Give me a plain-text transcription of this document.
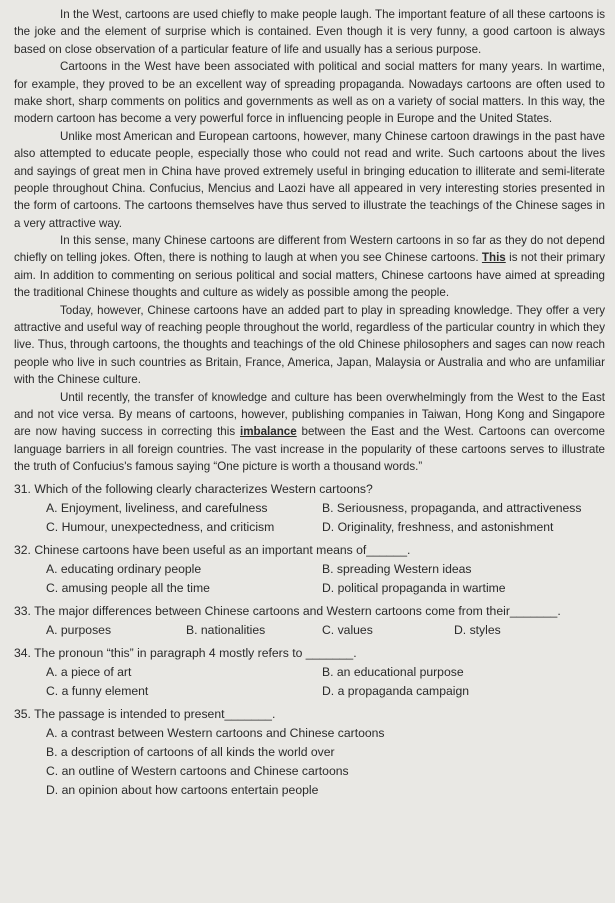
In the West, cartoons are used chiefly to make people laugh. The important feature of all these cartoons is the joke and the element of surprise which is contained. Even though it is very funny, a good cartoon is always based on close observation of a particular feature of life and usually has a serious purpose.

Cartoons in the West have been associated with political and social matters for many years. In wartime, for example, they proved to be an excellent way of spreading propaganda. Nowadays cartoons are often used to make short, sharp comments on politics and governments as well as on a variety of social matters. In this way, the modern cartoon has become a very powerful force in influencing people in Europe and the United States.

Unlike most American and European cartoons, however, many Chinese cartoon drawings in the past have also attempted to educate people, especially those who could not read and write. Such cartoons about the lives and sayings of great men in China have proved extremely useful in bringing education to illiterate and semi-literate people throughout China. Confucius, Mencius and Laozi have all appeared in very interesting stories presented in the form of cartoons. The cartoons themselves have thus served to illustrate the teachings of the Chinese sages in a very attractive way.

In this sense, many Chinese cartoons are different from Western cartoons in so far as they do not depend chiefly on telling jokes. Often, there is nothing to laugh at when you see Chinese cartoons. This is not their primary aim. In addition to commenting on serious political and social matters, Chinese cartoons have aimed at spreading the traditional Chinese thoughts and culture as widely as possible among the people.

Today, however, Chinese cartoons have an added part to play in spreading knowledge. They offer a very attractive and useful way of reaching people throughout the world, regardless of the particular country in which they live. Thus, through cartoons, the thoughts and teachings of the old Chinese philosophers and sages can now reach people who live in such countries as Britain, France, America, Japan, Malaysia or Australia and who are unfamiliar with the Chinese culture.

Until recently, the transfer of knowledge and culture has been overwhelmingly from the West to the East and not vice versa. By means of cartoons, however, publishing companies in Taiwan, Hong Kong and Singapore are now having success in correcting this imbalance between the East and the West. Cartoons can overcome language barriers in all foreign countries. The vast increase in the popularity of these cartoons serves to illustrate the truth of Confucius's famous saying “One picture is worth a thousand words.”

31. Which of the following clearly characterizes Western cartoons?
A. Enjoyment, liveliness, and carefulness	B. Seriousness, propaganda, and attractiveness
C. Humour, unexpectedness, and criticism	D. Originality, freshness, and astonishment
32. Chinese cartoons have been useful as an important means of______.
A. educating ordinary people	B. spreading Western ideas
C. amusing people all the time	D. political propaganda in wartime
33. The major differences between Chinese cartoons and Western cartoons come from their_______.
A. purposes	B. nationalities	C. values	D. styles
34. The pronoun “this” in paragraph 4 mostly refers to _______.
A. a piece of art	B. an educational purpose
C. a funny element	D. a propaganda campaign
35. The passage is intended to present_______.
A. a contrast between Western cartoons and Chinese cartoons
B. a description of cartoons of all kinds the world over
C. an outline of Western cartoons and Chinese cartoons
D. an opinion about how cartoons entertain people
